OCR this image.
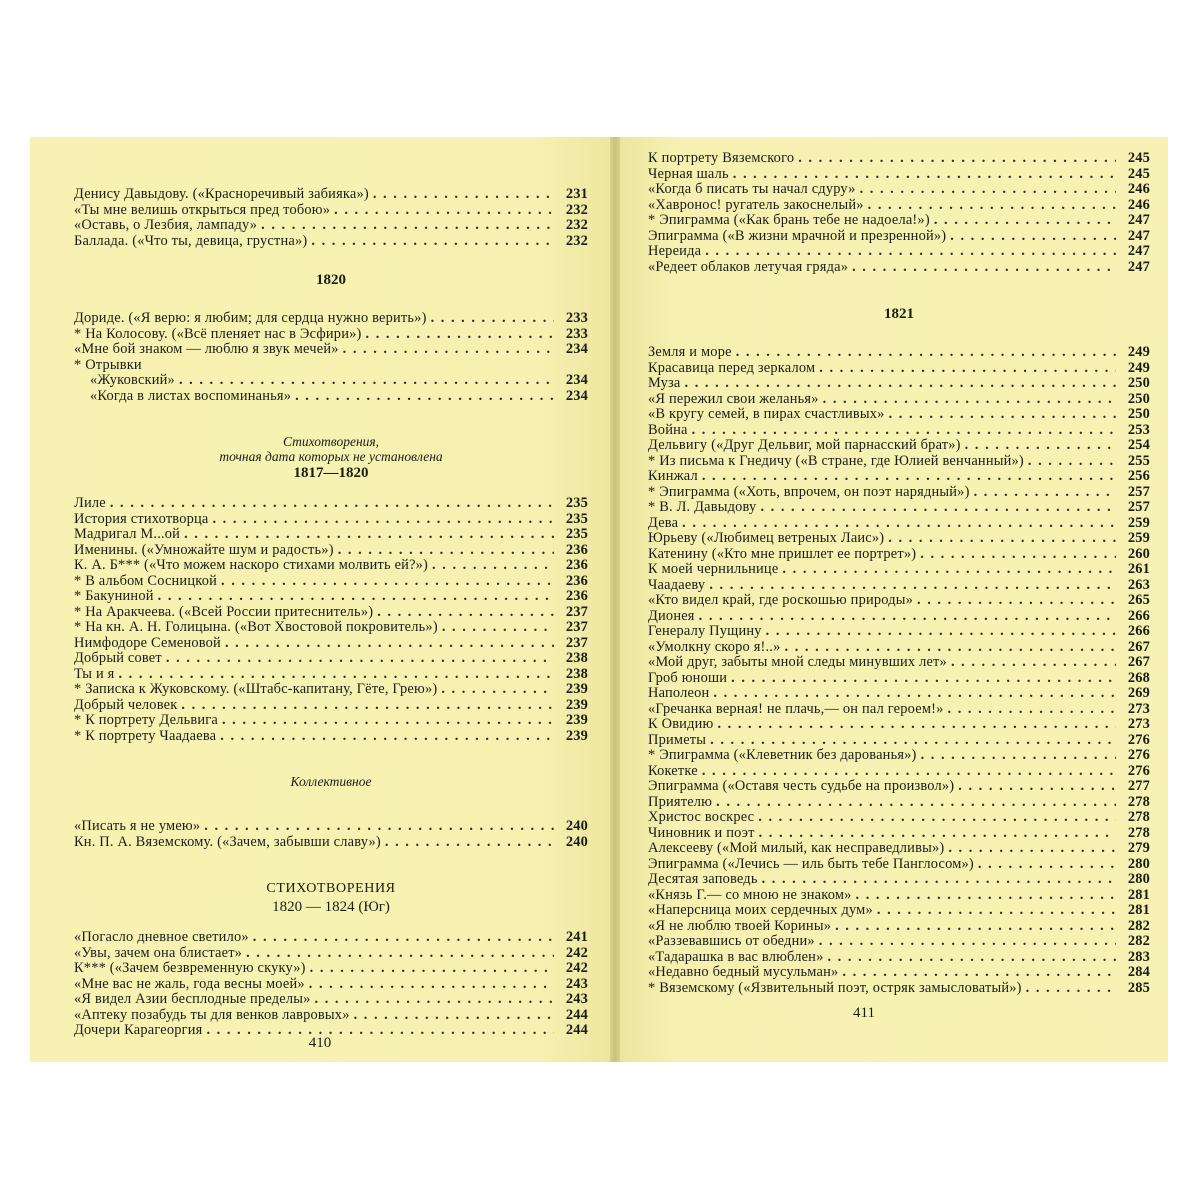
Денису Давыдову. («Красноречивый забияка») . . .	231
«Ты мне велишь открыться пред тобою» . . .	232
«Оставь, о Лезбия, лампаду» . . .	232
Баллада. («Что ты, девица, грустна») . . .	232
1820
Дориде. («Я верю: я любим; для сердца нужно верить») . . .	233
* На Колосову. («Всё пленяет нас в Эсфири») . . .	233
«Мне бой знаком — люблю я звук мечей» . . .	234
* Отрывки
«Жуковский» . . .	234
«Когда в листах воспоминанья» . . .	234

Стихотворения,

точная дата которых не установлена

1817—1820
Лиле . . .	235
История стихотворца . . .	235
Мадригал М...ой . . .	235
Именины. («Умножайте шум и радость») . . .	236
К. А. Б*** («Что можем наскоро стихами молвить ей?») . . .	236
* В альбом Сосницкой . . .	236
* Бакуниной . . .	236
* На Аракчеева. («Всей России притеснитель») . . .	237
* На кн. А. Н. Голицына. («Вот Хвостовой покровитель») . . .	237
Нимфодоре Семеновой . . .	237
Добрый совет . . .	238
Ты и я . . .	238
* Записка к Жуковскому. («Штабс-капитану, Гёте, Грею») . . .	239
Добрый человек . . .	239
* К портрету Дельвига . . .	239
* К портрету Чаадаева . . .	239

Коллективное

«Писать я не умею» . . .	240
Кн. П. А. Вяземскому. («Зачем, забывши славу») . . .	240

СТИХОТВОРЕНИЯ

1820 — 1824 (Юг)

«Погасло дневное светило» . . .	241
«Увы, зачем она блистает» . . .	242
К*** («Зачем безвременную скуку») . . .	242
«Мне вас не жаль, года весны моей» . . .	243
«Я видел Азии бесплодные пределы» . . .	243
«Аптеку позабудь ты для венков лавровых» . . .	244
Дочери Карагеоргия . . .	244
410
К портрету Вяземского . . .	245
Черная шаль . . .	245
«Когда б писать ты начал сдуру» . . .	246
«Хавронос! ругатель закоснелый» . . .	246
* Эпиграмма («Как брань тебе не надоела!») . . .	247
Эпиграмма («В жизни мрачной и презренной») . . .	247
Нереида . . .	247
«Редеет облаков летучая гряда» . . .	247
1821
Земля и море . . .	249
Красавица перед зеркалом . . .	249
Муза . . .	250
«Я пережил свои желанья» . . .	250
«В кругу семей, в пирах счастливых» . . .	250
Война . . .	253
Дельвигу («Друг Дельвиг, мой парнасский брат») . . .	254
* Из письма к Гнедичу («В стране, где Юлией венчанный») . . .	255
Кинжал . . .	256
* Эпиграмма («Хоть, впрочем, он поэт нарядный») . . .	257
* В. Л. Давыдову . . .	257
Дева . . .	259
Юрьеву («Любимец ветреных Лаис») . . .	259
Катенину («Кто мне пришлет ее портрет») . . .	260
К моей чернильнице . . .	261
Чаадаеву . . .	263
«Кто видел край, где роскошью природы» . . .	265
Дионея . . .	266
Генералу Пущину . . .	266
«Умолкну скоро я!..» . . .	267
«Мой друг, забыты мной следы минувших лет» . . .	267
Гроб юноши . . .	268
Наполеон . . .	269
«Гречанка верная! не плачь,— он пал героем!» . . .	273
К Овидию . . .	273
Приметы . . .	276
* Эпиграмма («Клеветник без дарованья») . . .	276
Кокетке . . .	276
Эпиграмма («Оставя честь судьбе на произвол») . . .	277
Приятелю . . .	278
Христос воскрес . . .	278
Чиновник и поэт . . .	278
Алексееву («Мой милый, как несправедливы») . . .	279
Эпиграмма («Лечись — иль быть тебе Панглосом») . . .	280
Десятая заповедь . . .	280
«Князь Г.— со мною не знаком» . . .	281
«Наперсница моих сердечных дум» . . .	281
«Я не люблю твоей Корины» . . .	282
«Раззевавшись от обедни» . . .	282
«Тадарашка в вас влюблен» . . .	283
«Недавно бедный мусульман» . . .	284
* Вяземскому («Язвительный поэт, остряк замысловатый») . . .	285
411
